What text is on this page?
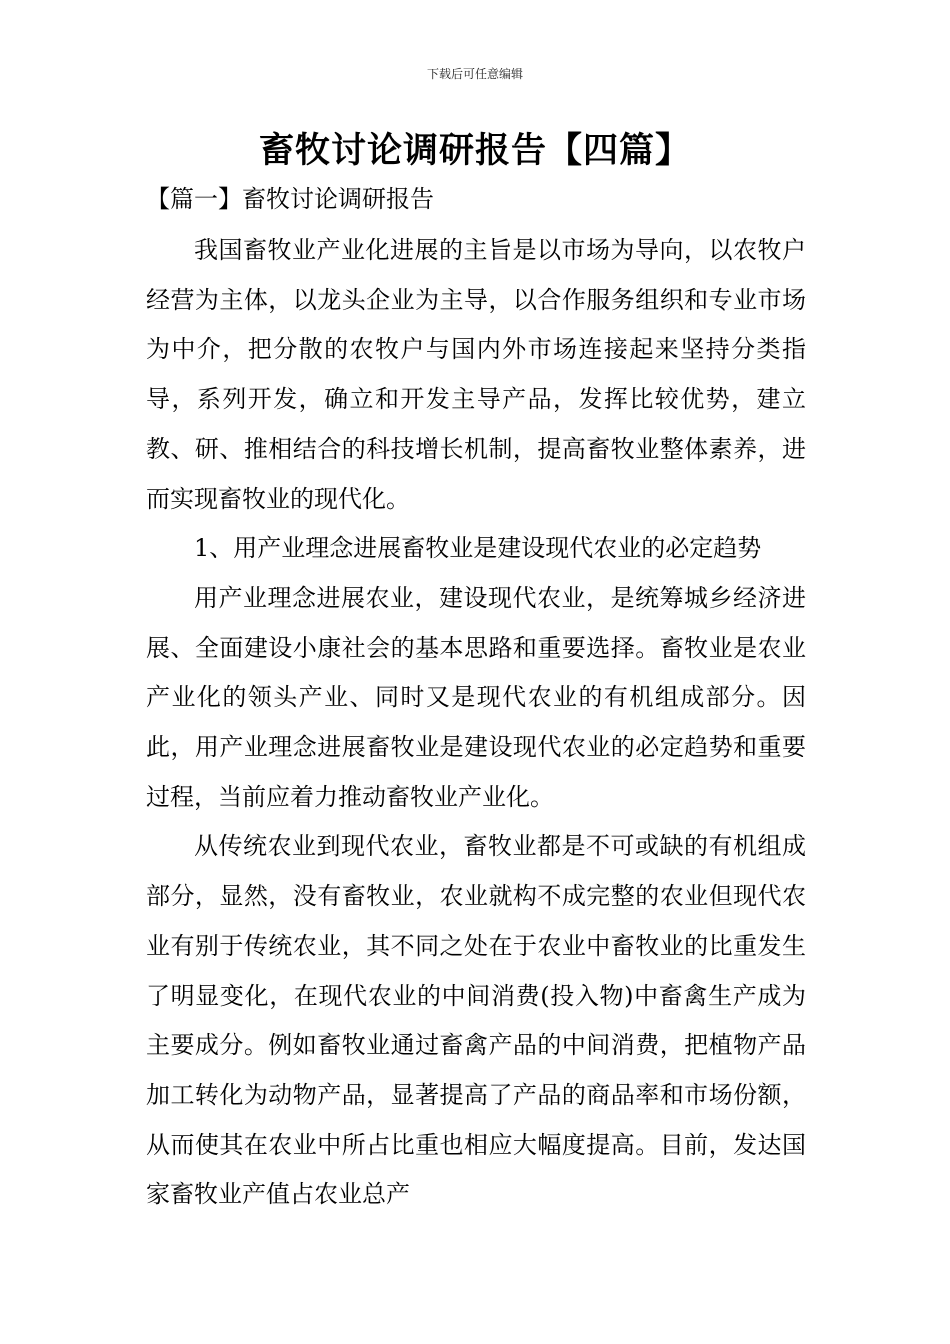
下载后可任意编辑
畜牧讨论调研报告【四篇】
【篇一】畜牧讨论调研报告

我国畜牧业产业化进展的主旨是以市场为导向，以农牧户经营为主体，以龙头企业为主导，以合作服务组织和专业市场为中介，把分散的农牧户与国内外市场连接起来坚持分类指导，系列开发，确立和开发主导产品，发挥比较优势，建立教、研、推相结合的科技增长机制，提高畜牧业整体素养，进而实现畜牧业的现代化。

1、用产业理念进展畜牧业是建设现代农业的必定趋势

用产业理念进展农业，建设现代农业，是统筹城乡经济进展、全面建设小康社会的基本思路和重要选择。畜牧业是农业产业化的领头产业、同时又是现代农业的有机组成部分。因此，用产业理念进展畜牧业是建设现代农业的必定趋势和重要过程，当前应着力推动畜牧业产业化。

从传统农业到现代农业，畜牧业都是不可或缺的有机组成部分，显然，没有畜牧业，农业就构不成完整的农业但现代农业有别于传统农业，其不同之处在于农业中畜牧业的比重发生了明显变化，在现代农业的中间消费(投入物)中畜禽生产成为主要成分。例如畜牧业通过畜禽产品的中间消费，把植物产品加工转化为动物产品，显著提高了产品的商品率和市场份额，从而使其在农业中所占比重也相应大幅度提高。目前，发达国家畜牧业产值占农业总产
